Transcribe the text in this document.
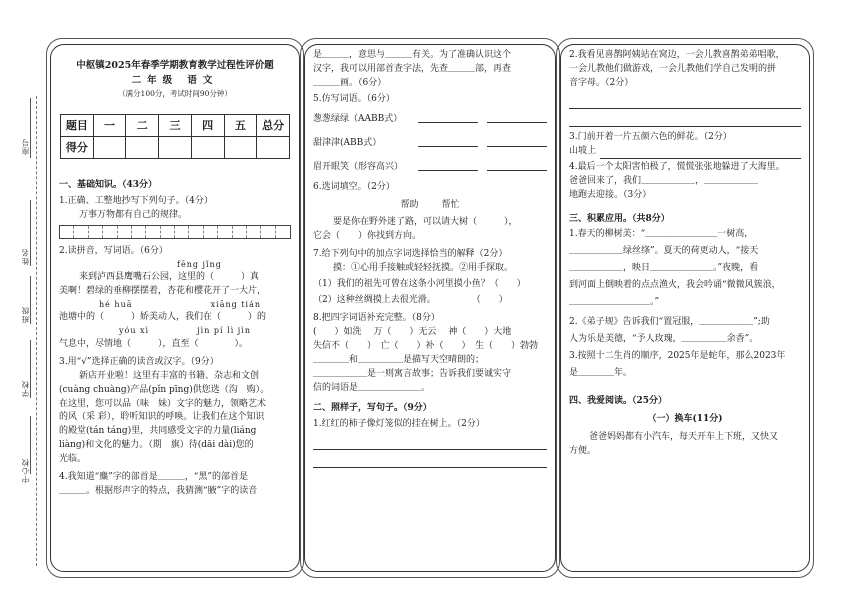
座号
姓名
班级
学校
中心校
中枢镇2025年春季学期教育教学过程性评价题
二年级 语文
（满分100分，考试时间90分钟）
题目	一	二	三	四	五	总分
得分						
一、基础知识。（43分）
1.正确、工整地抄写下列句子。（4分）
万事万物都有自己的规律。
2.读拼音，写词语。（6分）
fēng jǐng
来到泸西县鹰嘴石公园，这里的（　　　）真
美啊！碧绿的垂柳摆摆着，杏花和樱花开了一大片，
hé huā	xiāng tián
池塘中的（　　　）娇美动人，我们在（　　　）的
yóu xì	jìn pí lì jìn
气息中，尽情地（　　　），直至（　　　　）。
3.用“√”选择正确的读音或汉字。（9分）
新店开业啦！这里有丰富的书籍、杂志和文创
(cuàng chuàng)产品(pǐn pīng)供您选（沟　购）。
在这里，您可以品（味　妹）文字的魅力，领略艺术
的风（采 彩），聆听知识的呼唤。让我们在这个知识
的殿堂(tán táng)里，共同感受文字的力量(liáng
liàng)和文化的魅力。（期　旗）待(dāi dài)您的
光临。
4.我知道“麋”字的部首是＿＿＿，“黑”的部首是
＿＿＿。根据形声字的特点，我猜测“腋”字的读音
是＿＿＿，意思与＿＿＿有关。为了准确认识这个
汉字，我可以用部首查字法，先查＿＿＿部，再查
＿＿＿画。（6分）
5.仿写词语。（6分）
葱葱绿绿（AABB式）

甜津津(ABB式）

眉开眼笑（形容高兴）

6.选词填空。（2分）
帮助	帮忙
要是你在野外迷了路，可以请大树（　　　），
它会（　　）你找到方向。
7.给下列句中的加点字词选择恰当的解释（2分）
摸：①心用手接触或轻轻抚摸。②用手探取。
（1）我们的祖先可曾在这条小河里摸小鱼？（　　）
（2）这种丝绸摸上去很光滑。　　　　　（　　）
8.把四字词语补充完整。（8分）
(　　）如洗　 万（　　）无云　 神（　　）大地
失信不（　　）　亡（　　）补（　　）　生（　　）勃勃
＿＿＿＿和＿＿＿＿＿是描写天空晴朗的；
＿＿＿＿＿＿是一则寓言故事；告诉我们要诚实守
信的词语是＿＿＿＿＿＿＿。
二、照样子，写句子。（9分）
1.红红的柿子像灯笼似的挂在树上。（2分）
2.我看见喜鹊阿姨站在窝边，一会儿教喜鹊弟弟唱歌，
一会儿教他们做游戏，一会儿教他们学自己发明的拼
音字母。（2分）
3.门前开着一片五颜六色的鲜花。（2分）
山坡上
4.最后一个太阳害怕极了，慌慌张张地躲进了大海里。
爸爸回来了，我们＿＿＿＿＿＿，＿＿＿＿＿＿
地跑去迎接。（3分）
三、积累应用。（共8分）
1.春天的柳树美：“＿＿＿＿＿＿＿＿一树高，
＿＿＿＿＿＿绿丝绦”。夏天的荷更动人，“接天
＿＿＿＿＿＿，映日＿＿＿＿＿＿＿。”夜晚，看
到河面上倒映着的点点渔火，我会吟诵“微微风簇浪，
＿＿＿＿＿＿＿＿＿。”
2.《弟子规》告诉我们“置冠服，＿＿＿＿＿＿”;助
人为乐是美德，“予人玫瑰，＿＿＿＿＿余香”。
3.按照十二生肖的顺序，2025年是蛇年，那么2023年
是＿＿＿＿年。
四、我爱阅读。（25分）
（一）换车(11分)
爸爸妈妈都有小汽车，每天开车上下班，又快又
方便。
